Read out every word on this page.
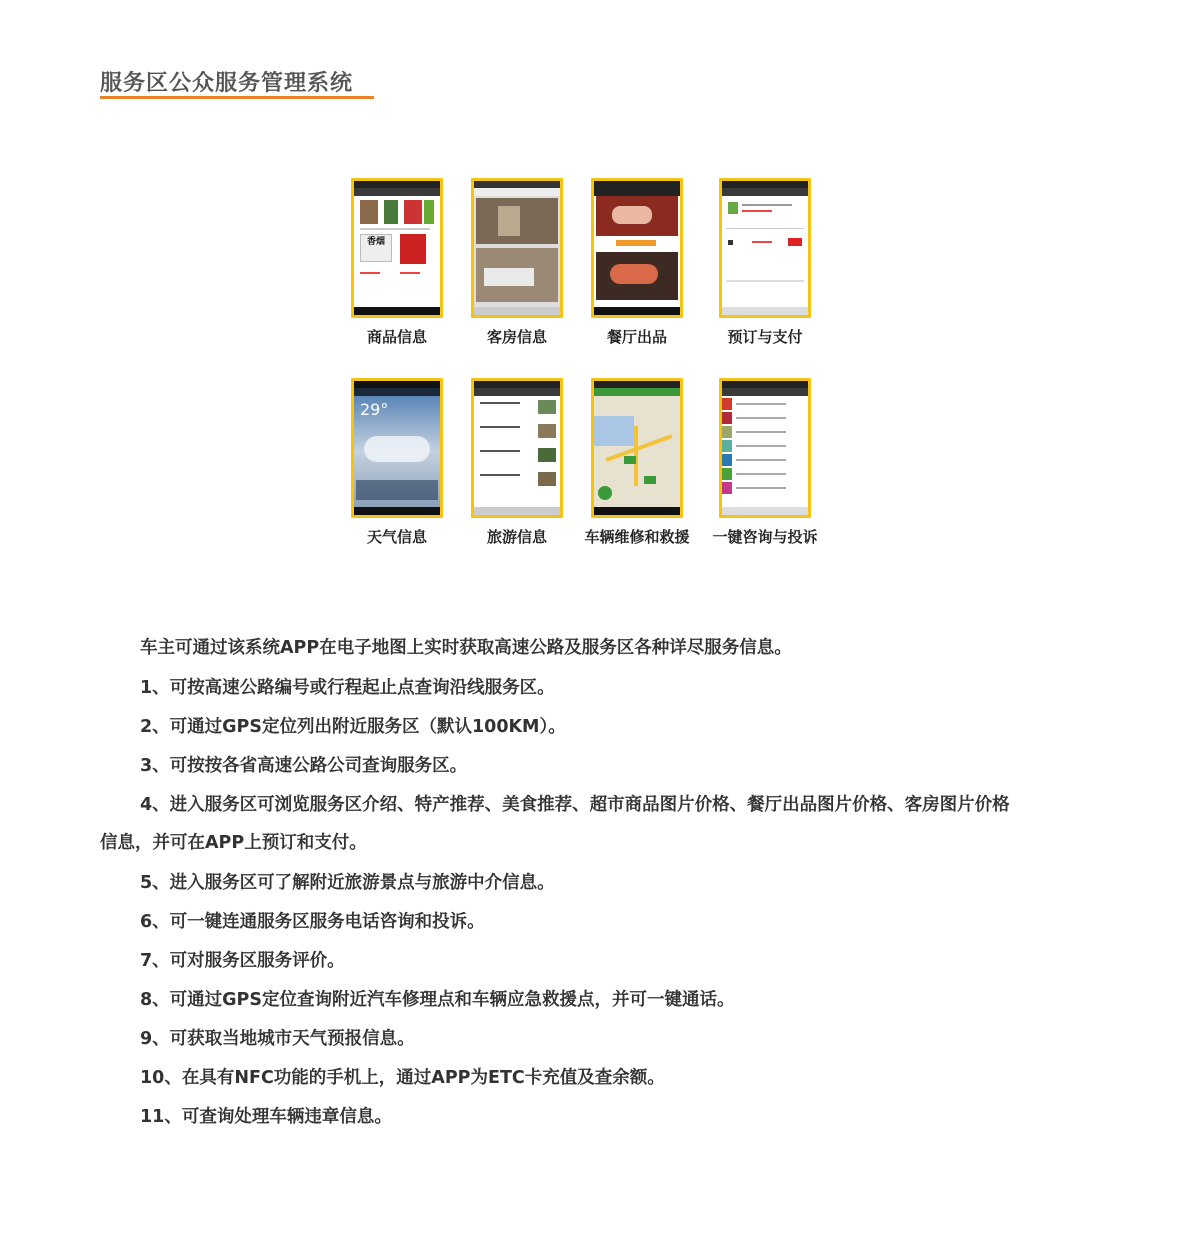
服务区公众服务管理系统
香烟
商品信息	客房信息	餐厅出品	预订与支付
29°
天气信息	旅游信息	车辆维修和救援 一键咨询与投诉
车主可通过该系统APP在电子地图上实时获取高速公路及服务区各种详尽服务信息。
1、可按高速公路编号或行程起止点查询沿线服务区。
2、可通过GPS定位列出附近服务区（默认100KM）。
3、可按按各省高速公路公司查询服务区。
4、进入服务区可浏览服务区介绍、特产推荐、美食推荐、超市商品图片价格、餐厅出品图片价格、客房图片价格
信息，并可在APP上预订和支付。
5、进入服务区可了解附近旅游景点与旅游中介信息。
6、可一键连通服务区服务电话咨询和投诉。
7、可对服务区服务评价。
8、可通过GPS定位查询附近汽车修理点和车辆应急救援点，并可一键通话。
9、可获取当地城市天气预报信息。
10、在具有NFC功能的手机上，通过APP为ETC卡充值及查余额。
11、可查询处理车辆违章信息。
